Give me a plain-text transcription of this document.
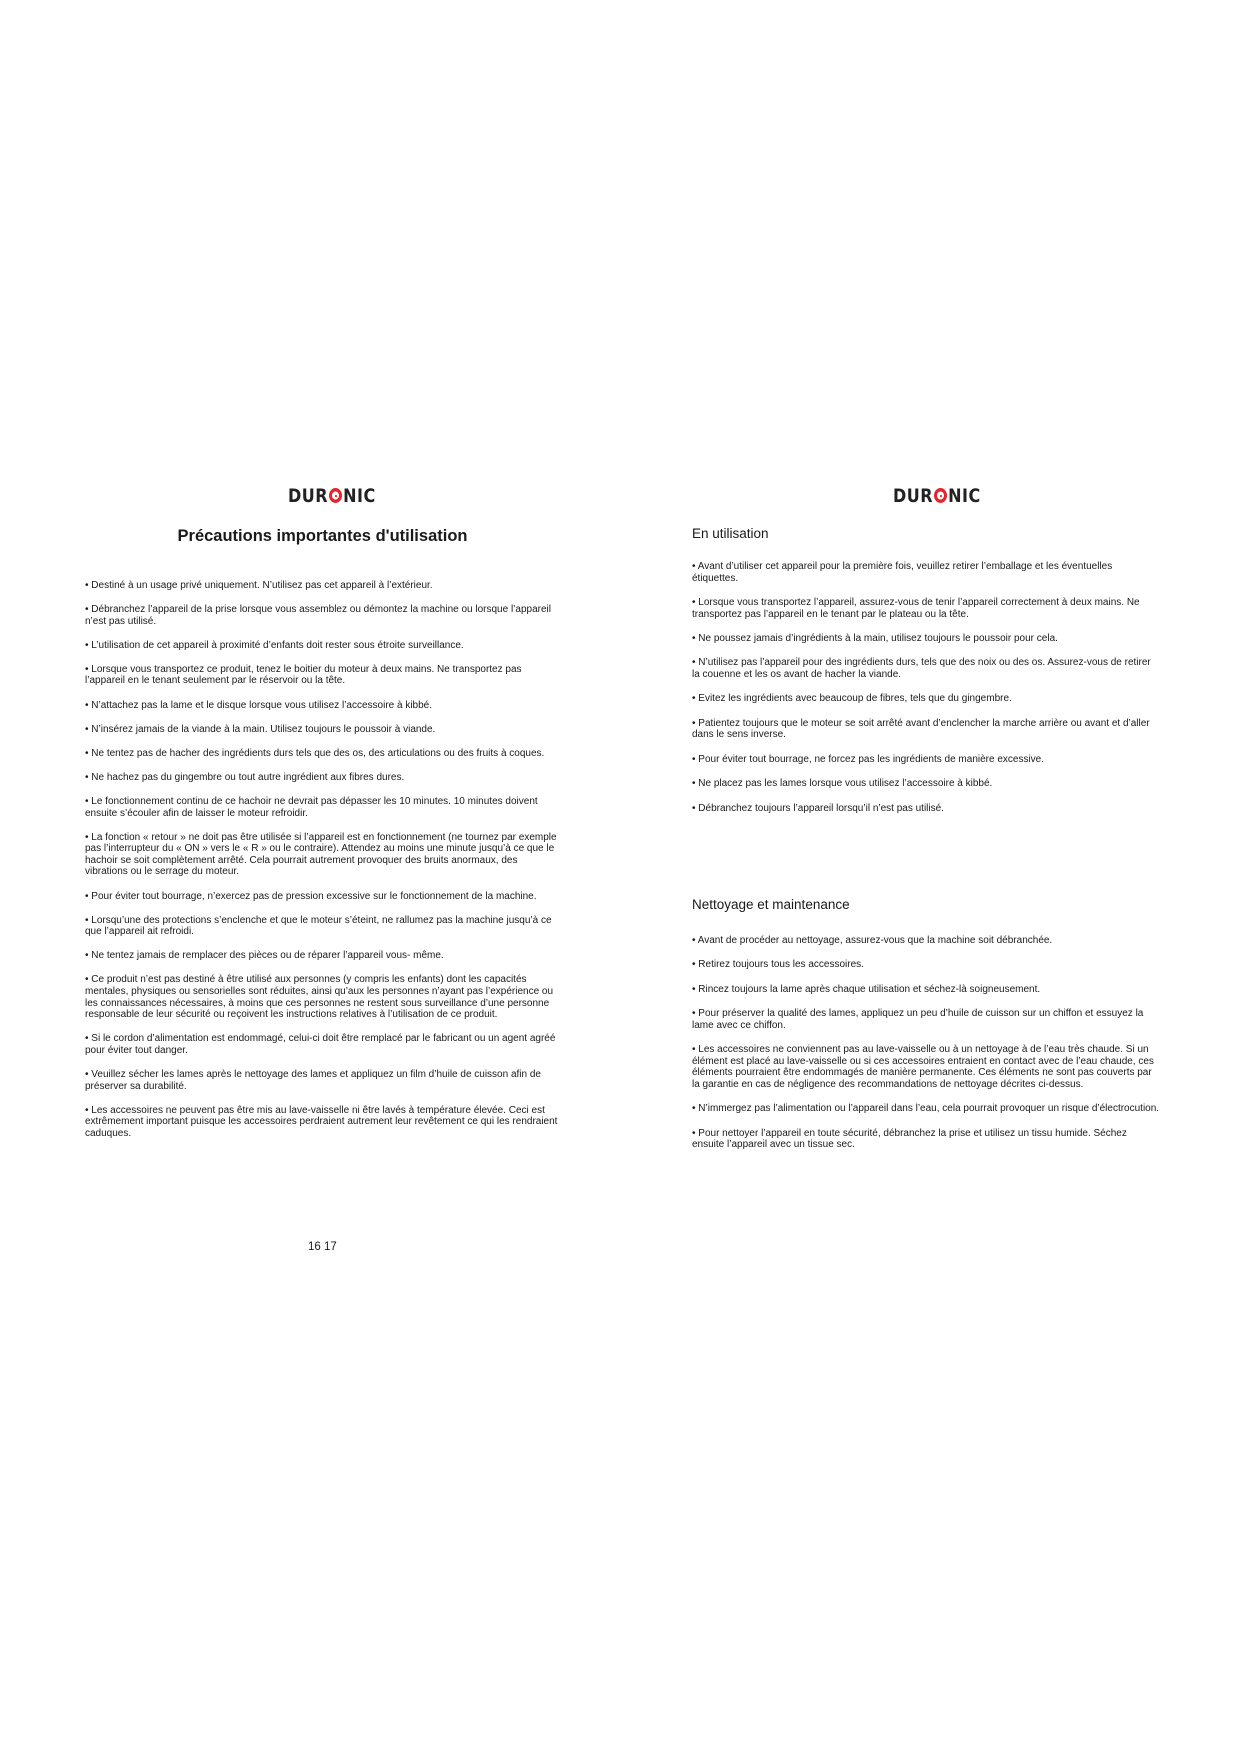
DUR NIC	DUR NIC
Précautions importantes d'utilisation
• Destiné à un usage privé uniquement. N’utilisez pas cet appareil à l’extérieur.
• Débranchez l’appareil de la prise lorsque vous assemblez ou démontez la machine ou lorsque l’appareil n’est pas utilisé.
• L’utilisation de cet appareil à proximité d’enfants doit rester sous étroite surveillance.
• Lorsque vous transportez ce produit, tenez le boitier du moteur à deux mains. Ne transportez pas l’appareil en le tenant seulement par le réservoir ou la tête.
• N’attachez pas la lame et le disque lorsque vous utilisez l’accessoire à kibbé.
• N’insérez jamais de la viande à la main. Utilisez toujours le poussoir à viande.
• Ne tentez pas de hacher des ingrédients durs tels que des os, des articulations ou des fruits à coques.
• Ne hachez pas du gingembre ou tout autre ingrédient aux fibres dures.
• Le fonctionnement continu de ce hachoir ne devrait pas dépasser les 10 minutes. 10 minutes doivent ensuite s’écouler afin de laisser le moteur refroidir.
• La fonction « retour » ne doit pas être utilisée si l’appareil est en fonctionnement (ne tournez par exemple pas l’interrupteur du « ON » vers le « R » ou le contraire). Attendez au moins une minute jusqu’à ce que le hachoir se soit complètement arrêté. Cela pourrait autrement provoquer des bruits anormaux, des vibrations ou le serrage du moteur.
• Pour éviter tout bourrage, n’exercez pas de pression excessive sur le fonctionnement de la machine.
• Lorsqu’une des protections s’enclenche et que le moteur s’éteint, ne rallumez pas la machine jusqu’à ce que l’appareil ait refroidi.
• Ne tentez jamais de remplacer des pièces ou de réparer l’appareil vous- même.
• Ce produit n’est pas destiné à être utilisé aux personnes (y compris les enfants) dont les capacités mentales, physiques ou sensorielles sont réduites, ainsi qu’aux les personnes n’ayant pas l’expérience ou les connaissances nécessaires, à moins que ces personnes ne restent sous surveillance d’une personne responsable de leur sécurité ou reçoivent les instructions relatives à l’utilisation de ce produit.
• Si le cordon d’alimentation est endommagé, celui-ci doit être remplacé par le fabricant ou un agent agréé pour éviter tout danger.
• Veuillez sécher les lames après le nettoyage des lames et appliquez un film d’huile de cuisson afin de préserver sa durabilité.
• Les accessoires ne peuvent pas être mis au lave-vaisselle ni être lavés à température élevée. Ceci est extrêmement important puisque les accessoires perdraient autrement leur revêtement ce qui les rendraient caduques.
16 17
En utilisation
• Avant d’utiliser cet appareil pour la première fois, veuillez retirer l’emballage et les éventuelles étiquettes.
• Lorsque vous transportez l’appareil, assurez-vous de tenir l’appareil correctement à deux mains. Ne transportez pas l’appareil en le tenant par le plateau ou la tête.
• Ne poussez jamais d’ingrédients à la main, utilisez toujours le poussoir pour cela.
• N’utilisez pas l’appareil pour des ingrédients durs, tels que des noix ou des os. Assurez-vous de retirer la couenne et les os avant de hacher la viande.
• Evitez les ingrédients avec beaucoup de fibres, tels que du gingembre.
• Patientez toujours que le moteur se soit arrêté avant d’enclencher la marche arrière ou avant et d’aller dans le sens inverse.
• Pour éviter tout bourrage, ne forcez pas les ingrédients de manière excessive.
• Ne placez pas les lames lorsque vous utilisez l’accessoire à kibbé.
• Débranchez toujours l’appareil lorsqu’il n’est pas utilisé.
Nettoyage et maintenance
• Avant de procéder au nettoyage, assurez-vous que la machine soit débranchée.
• Retirez toujours tous les accessoires.
• Rincez toujours la lame après chaque utilisation et séchez-là soigneusement.
• Pour préserver la qualité des lames, appliquez un peu d’huile de cuisson sur un chiffon et essuyez la lame avec ce chiffon.
• Les accessoires ne conviennent pas au lave-vaisselle ou à un nettoyage à de l’eau très chaude. Si un élément est placé au lave-vaisselle ou si ces accessoires entraient en contact avec de l’eau chaude, ces éléments pourraient être endommagés de manière permanente. Ces éléments ne sont pas couverts par la garantie en cas de négligence des recommandations de nettoyage décrites ci-dessus.
• N’immergez pas l’alimentation ou l’appareil dans l’eau, cela pourrait provoquer un risque d’électrocution.
• Pour nettoyer l’appareil en toute sécurité, débranchez la prise et utilisez un tissu humide. Séchez ensuite l’appareil avec un tissue sec.
